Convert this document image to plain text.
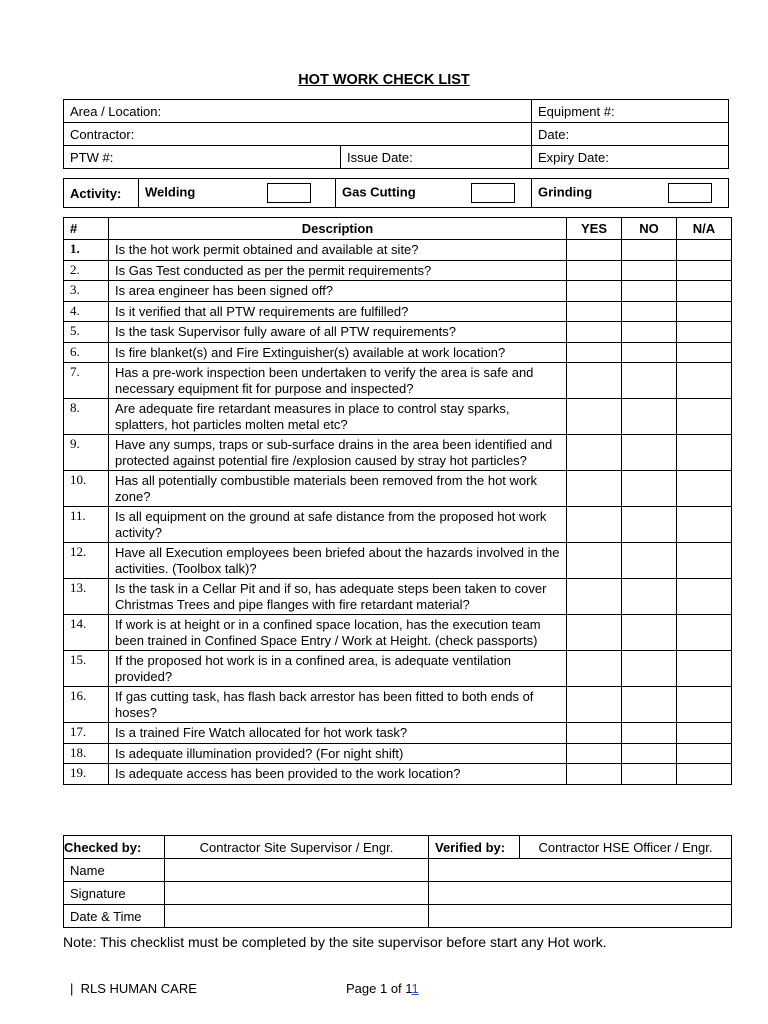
HOT WORK CHECK LIST
Area / Location:		Equipment #:
Contractor:		Date:
PTW #:	Issue Date:	Expiry Date:
Activity:	Welding	Gas Cutting	Grinding
#	Description	YES	NO	N/A
1.	Is the hot work permit obtained and available at site?			
2.	Is Gas Test conducted as per the permit requirements?			
3.	Is area engineer has been signed off?			
4.	Is it verified that all PTW requirements are fulfilled?			
5.	Is the task Supervisor fully aware of all PTW requirements?			
6.	Is fire blanket(s) and Fire Extinguisher(s) available at work location?			
7.	Has a pre-work inspection been undertaken to verify the area is safe and necessary equipment fit for purpose and inspected?			
8.	Are adequate fire retardant measures in place to control stay sparks, splatters, hot particles molten metal etc?			
9.	Have any sumps, traps or sub-surface drains in the area been identified and protected against potential fire /explosion caused by stray hot particles?			
10.	Has all potentially combustible materials been removed from the hot work zone?			
11.	Is all equipment on the ground at safe distance from the proposed hot work activity?			
12.	Have all Execution employees been briefed about the hazards involved in the activities. (Toolbox talk)?			
13.	Is the task in a Cellar Pit and if so, has adequate steps been taken to cover Christmas Trees and pipe flanges with fire retardant material?			
14.	If work is at height or in a confined space location, has the execution team been trained in Confined Space Entry / Work at Height. (check passports)			
15.	If the proposed hot work is in a confined area, is adequate ventilation provided?			
16.	If gas cutting task, has flash back arrestor has been fitted to both ends of hoses?			
17.	Is a trained Fire Watch allocated for hot work task?			
18.	Is adequate illumination provided? (For night shift)			
19.	Is adequate access has been provided to the work location?			
Checked by:	Contractor Site Supervisor / Engr.	Verified by:	Contractor HSE Officer / Engr.
Name			
Signature			
Date & Time			
Note: This checklist must be completed by the site supervisor before start any Hot work.
|  RLS HUMAN CARE	Page 1 of 11
